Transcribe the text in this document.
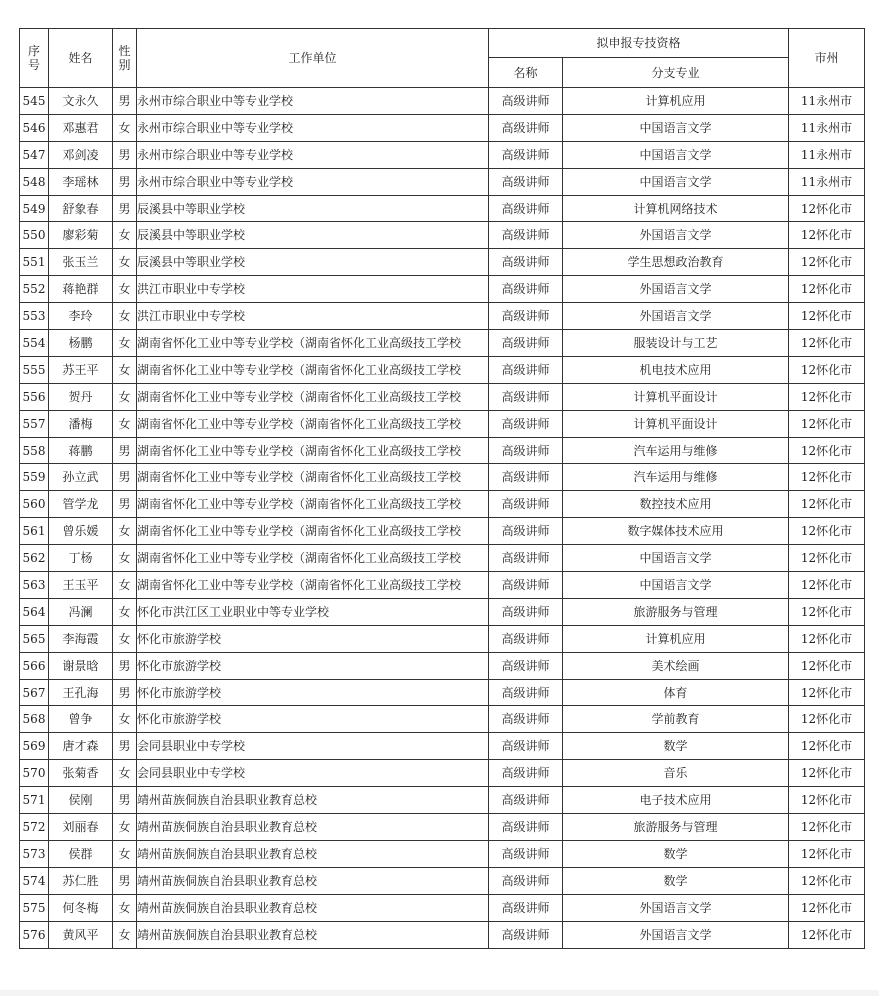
序
号	姓名	性
别	工作单位	拟申报专技资格		市州
				名称	分支专业	
545	文永久	男	永州市综合职业中等专业学校	高级讲师	计算机应用	11永州市
546	邓惠君	女	永州市综合职业中等专业学校	高级讲师	中国语言文学	11永州市
547	邓剑凌	男	永州市综合职业中等专业学校	高级讲师	中国语言文学	11永州市
548	李瑶林	男	永州市综合职业中等专业学校	高级讲师	中国语言文学	11永州市
549	舒象春	男	辰溪县中等职业学校	高级讲师	计算机网络技术	12怀化市
550	廖彩菊	女	辰溪县中等职业学校	高级讲师	外国语言文学	12怀化市
551	张玉兰	女	辰溪县中等职业学校	高级讲师	学生思想政治教育	12怀化市
552	蒋艳群	女	洪江市职业中专学校	高级讲师	外国语言文学	12怀化市
553	李玲	女	洪江市职业中专学校	高级讲师	外国语言文学	12怀化市
554	杨鹏	女	湖南省怀化工业中等专业学校（湖南省怀化工业高级技工学校	高级讲师	服装设计与工艺	12怀化市
555	苏王平	女	湖南省怀化工业中等专业学校（湖南省怀化工业高级技工学校	高级讲师	机电技术应用	12怀化市
556	贺丹	女	湖南省怀化工业中等专业学校（湖南省怀化工业高级技工学校	高级讲师	计算机平面设计	12怀化市
557	潘梅	女	湖南省怀化工业中等专业学校（湖南省怀化工业高级技工学校	高级讲师	计算机平面设计	12怀化市
558	蒋鹏	男	湖南省怀化工业中等专业学校（湖南省怀化工业高级技工学校	高级讲师	汽车运用与维修	12怀化市
559	孙立武	男	湖南省怀化工业中等专业学校（湖南省怀化工业高级技工学校	高级讲师	汽车运用与维修	12怀化市
560	管学龙	男	湖南省怀化工业中等专业学校（湖南省怀化工业高级技工学校	高级讲师	数控技术应用	12怀化市
561	曾乐媛	女	湖南省怀化工业中等专业学校（湖南省怀化工业高级技工学校	高级讲师	数字媒体技术应用	12怀化市
562	丁杨	女	湖南省怀化工业中等专业学校（湖南省怀化工业高级技工学校	高级讲师	中国语言文学	12怀化市
563	王玉平	女	湖南省怀化工业中等专业学校（湖南省怀化工业高级技工学校	高级讲师	中国语言文学	12怀化市
564	冯澜	女	怀化市洪江区工业职业中等专业学校	高级讲师	旅游服务与管理	12怀化市
565	李海霞	女	怀化市旅游学校	高级讲师	计算机应用	12怀化市
566	谢景晗	男	怀化市旅游学校	高级讲师	美术绘画	12怀化市
567	王孔海	男	怀化市旅游学校	高级讲师	体育	12怀化市
568	曾争	女	怀化市旅游学校	高级讲师	学前教育	12怀化市
569	唐才森	男	会同县职业中专学校	高级讲师	数学	12怀化市
570	张菊香	女	会同县职业中专学校	高级讲师	音乐	12怀化市
571	侯刚	男	靖州苗族侗族自治县职业教育总校	高级讲师	电子技术应用	12怀化市
572	刘丽春	女	靖州苗族侗族自治县职业教育总校	高级讲师	旅游服务与管理	12怀化市
573	侯群	女	靖州苗族侗族自治县职业教育总校	高级讲师	数学	12怀化市
574	苏仁胜	男	靖州苗族侗族自治县职业教育总校	高级讲师	数学	12怀化市
575	何冬梅	女	靖州苗族侗族自治县职业教育总校	高级讲师	外国语言文学	12怀化市
576	黄风平	女	靖州苗族侗族自治县职业教育总校	高级讲师	外国语言文学	12怀化市
